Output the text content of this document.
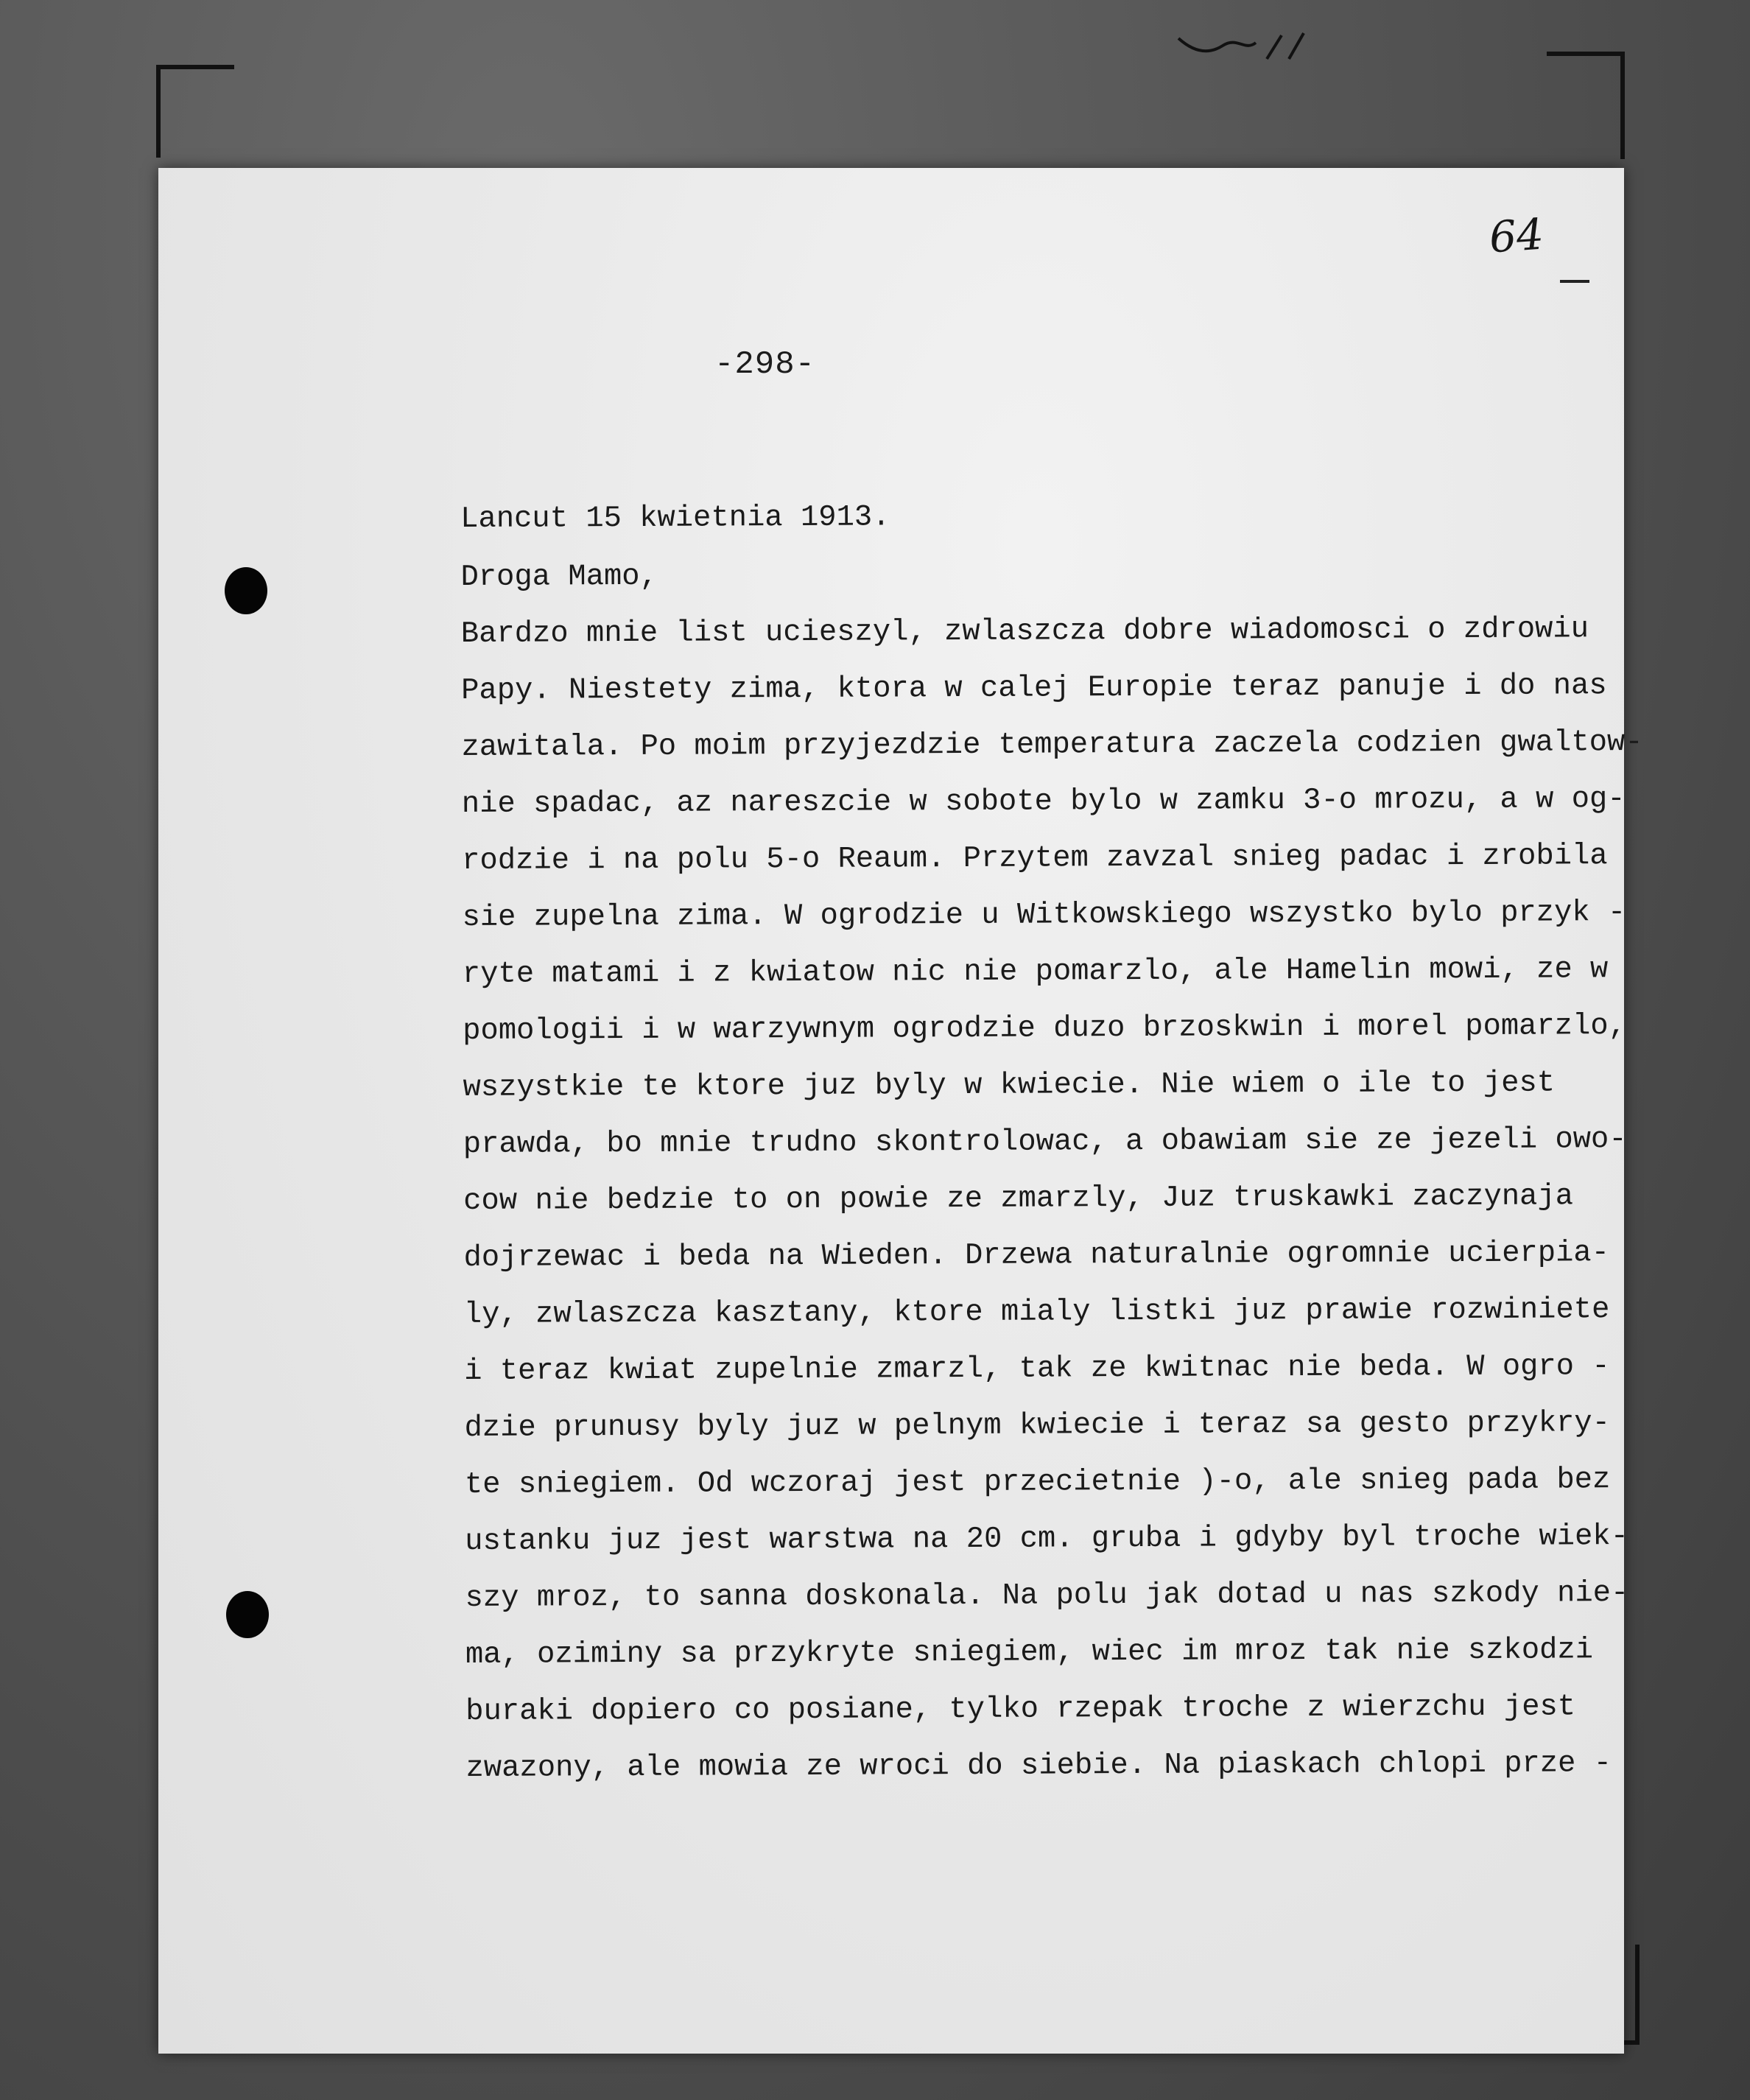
64
-298-
Lancut 15 kwietnia 1913.
Droga Mamo,
Bardzo mnie list ucieszyl, zwlaszcza dobre wiadomosci o zdrowiu
Papy. Niestety zima, ktora w calej Europie teraz panuje i do nas
zawitala. Po moim przyjezdzie temperatura zaczela codzien gwaltow-
nie spadac, az nareszcie w sobote bylo w zamku 3-o mrozu, a w og-
rodzie i na polu 5-o Reaum. Przytem zavzal snieg padac i zrobila
sie zupelna zima. W ogrodzie u Witkowskiego wszystko bylo przyk -
ryte matami i z kwiatow nic nie pomarzlo, ale Hamelin mowi, ze w
pomologii i w warzywnym ogrodzie duzo brzoskwin i morel pomarzlo,
wszystkie te ktore juz byly w kwiecie. Nie wiem o ile to jest
prawda, bo mnie trudno skontrolowac, a obawiam sie ze jezeli owo-
cow nie bedzie to on powie ze zmarzly, Juz truskawki zaczynaja
dojrzewac i beda na Wieden. Drzewa naturalnie ogromnie ucierpia-
ly, zwlaszcza kasztany, ktore mialy listki juz prawie rozwiniete
i teraz kwiat zupelnie zmarzl, tak ze kwitnac nie beda. W ogro -
dzie prunusy byly juz w pelnym kwiecie i teraz sa gesto przykry-
te sniegiem. Od wczoraj jest przecietnie )-o, ale snieg pada bez
ustanku juz jest warstwa na 20 cm. gruba i gdyby byl troche wiek-
szy mroz, to sanna doskonala. Na polu jak dotad u nas szkody nie-
ma, oziminy sa przykryte sniegiem, wiec im mroz tak nie szkodzi
buraki dopiero co posiane, tylko rzepak troche z wierzchu jest
zwazony, ale mowia ze wroci do siebie. Na piaskach chlopi prze -
